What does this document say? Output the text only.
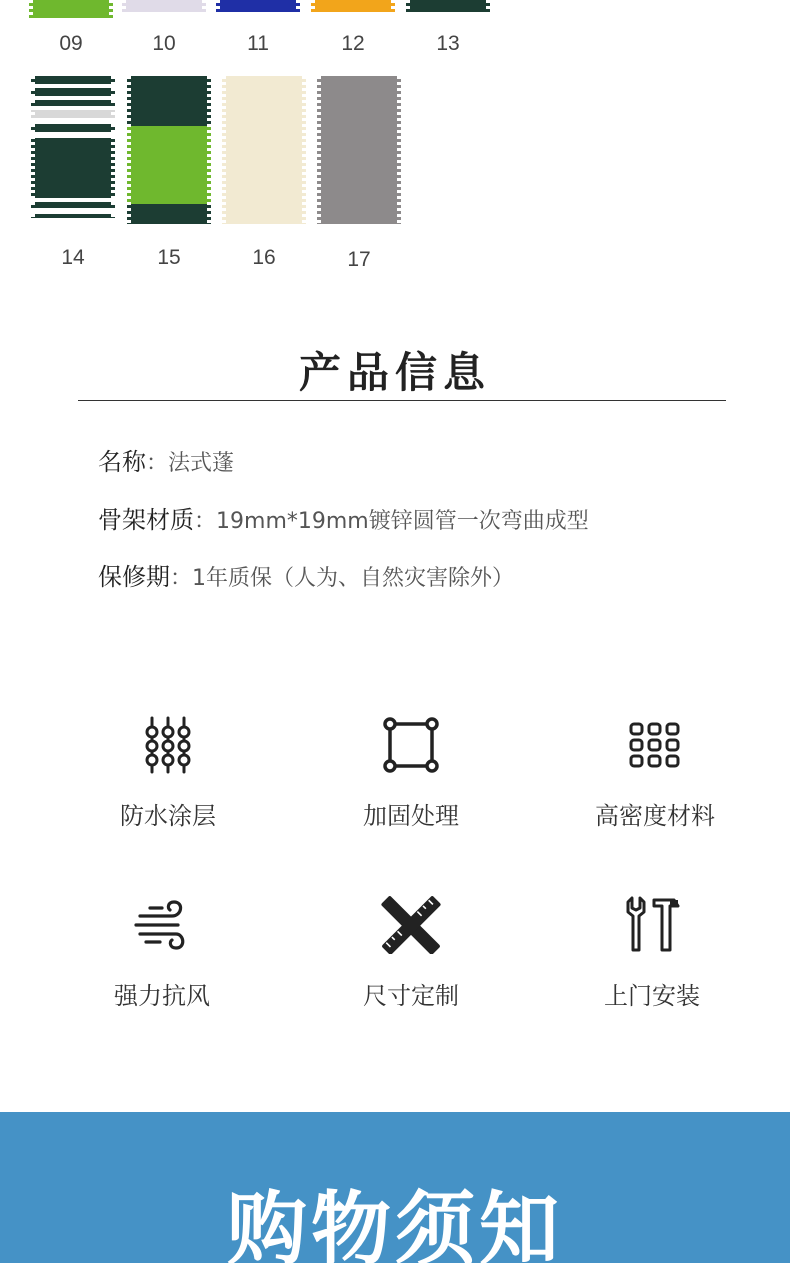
09	10	11	12	13
14	15	16	17
产品信息
名称：法式蓬
骨架材质：19mm*19mm镀锌圆管一次弯曲成型
保修期：1年质保（人为、自然灾害除外）
防水涂层	加固处理	高密度材料
强力抗风	尺寸定制	上门安装
购物须知
